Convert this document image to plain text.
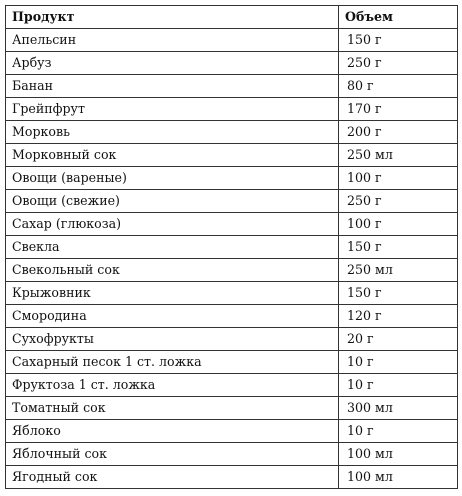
Продукт	Объем
Апельсин	150 г
Арбуз	250 г
Банан	80 г
Грейпфрут	170 г
Морковь	200 г
Морковный сок	250 мл
Овощи (вареные)	100 г
Овощи (свежие)	250 г
Сахар (глюкоза)	100 г
Свекла	150 г
Свекольный сок	250 мл
Крыжовник	150 г
Смородина	120 г
Сухофрукты	20 г
Сахарный песок 1 ст. ложка	10 г
Фруктоза 1 ст. ложка	10 г
Томатный сок	300 мл
Яблоко	10 г
Яблочный сок	100 мл
Ягодный сок	100 мл
